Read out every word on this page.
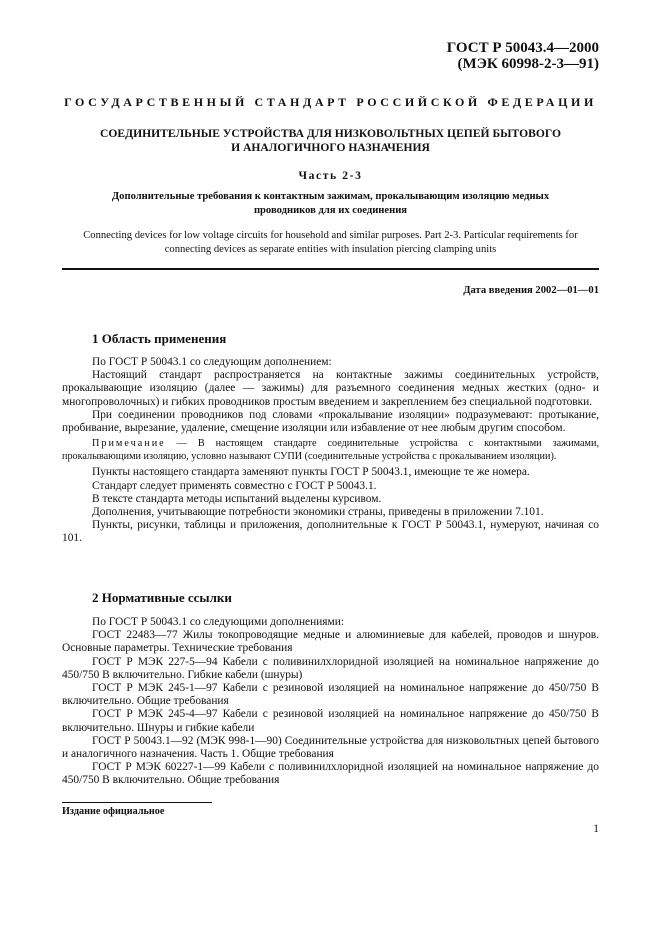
ГОСТ Р 50043.4—2000
(МЭК 60998-2-3—91)
ГОСУДАРСТВЕННЫЙ СТАНДАРТ РОССИЙСКОЙ ФЕДЕРАЦИИ
СОЕДИНИТЕЛЬНЫЕ УСТРОЙСТВА ДЛЯ НИЗКОВОЛЬТНЫХ ЦЕПЕЙ БЫТОВОГО
И АНАЛОГИЧНОГО НАЗНАЧЕНИЯ
Часть 2-3
Дополнительные требования к контактным зажимам, прокалывающим изоляцию медных
проводников для их соединения
Connecting devices for low voltage circuits for household and similar purposes. Part 2-3. Particular requirements for
connecting devices as separate entities with insulation piercing clamping units
Дата введения 2002—01—01
1 Область применения

По ГОСТ Р 50043.1 со следующим дополнением:

Настоящий стандарт распространяется на контактные зажимы соединительных устройств, прокалывающие изоляцию (далее — зажимы) для разъемного соединения медных жестких (одно- и многопроволочных) и гибких проводников простым введением и закреплением без специальной подготовки.

При соединении проводников под словами «прокалывание изоляции» подразумевают: протыкание, пробивание, вырезание, удаление, смещение изоляции или избавление от нее любым другим способом.

Примечание — В настоящем стандарте соединительные устройства с контактными зажимами, прокалывающими изоляцию, условно называют СУПИ (соединительные устройства с прокалыванием изоляции).

Пункты настоящего стандарта заменяют пункты ГОСТ Р 50043.1, имеющие те же номера.

Стандарт следует применять совместно с ГОСТ Р 50043.1.

В тексте стандарта методы испытаний выделены курсивом.

Дополнения, учитывающие потребности экономики страны, приведены в приложении 7.101.

Пункты, рисунки, таблицы и приложения, дополнительные к ГОСТ Р 50043.1, нумеруют, начиная со 101.

2 Нормативные ссылки

По ГОСТ Р 50043.1 со следующими дополнениями:

ГОСТ 22483—77 Жилы токопроводящие медные и алюминиевые для кабелей, проводов и шнуров. Основные параметры. Технические требования

ГОСТ Р МЭК 227-5—94 Кабели с поливинилхлоридной изоляцией на номинальное напряжение до 450/750 В включительно. Гибкие кабели (шнуры)

ГОСТ Р МЭК 245-1—97 Кабели с резиновой изоляцией на номинальное напряжение до 450/750 В включительно. Общие требования

ГОСТ Р МЭК 245-4—97 Кабели с резиновой изоляцией на номинальное напряжение до 450/750 В включительно. Шнуры и гибкие кабели

ГОСТ Р 50043.1—92 (МЭК 998-1—90) Соединительные устройства для низковольтных цепей бытового и аналогичного назначения. Часть 1. Общие требования

ГОСТ Р МЭК 60227-1—99 Кабели с поливинилхлоридной изоляцией на номинальное напряжение до 450/750 В включительно. Общие требования

Издание официальное
1
